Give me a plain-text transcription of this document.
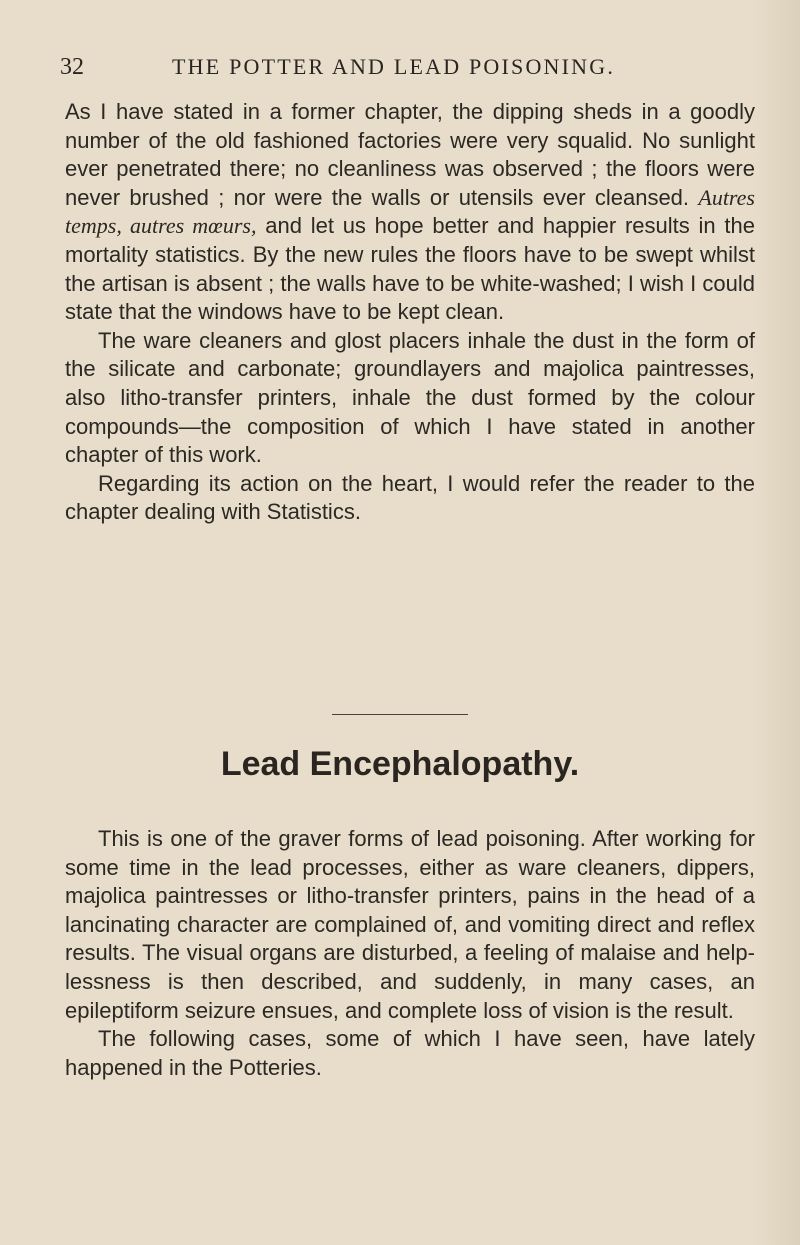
32	THE POTTER AND LEAD POISONING.

As I have stated in a former chapter, the dipping sheds in a goodly number of the old fashioned factories were very squalid. No sunlight ever penetrated there; no cleanliness was observed ; the floors were never brushed ; nor were the walls or utensils ever cleansed. Autres temps, autres mœurs, and let us hope better and happier results in the mortality statistics. By the new rules the floors have to be swept whilst the artisan is absent ; the walls have to be white-washed; I wish I could state that the windows have to be kept clean.

The ware cleaners and glost placers inhale the dust in the form of the silicate and carbonate; groundlayers and majolica paintresses, also litho-transfer printers, inhale the dust formed by the colour compounds—the composition of which I have stated in another chapter of this work.

Regarding its action on the heart, I would refer the reader to the chapter dealing with Statistics.

Lead Encephalopathy.

This is one of the graver forms of lead poisoning. After working for some time in the lead processes, either as ware cleaners, dippers, majolica paintresses or litho-transfer printers, pains in the head of a lancinating character are complained of, and vomiting direct and reflex results. The visual organs are disturbed, a feeling of malaise and help-lessness is then described, and suddenly, in many cases, an epileptiform seizure ensues, and complete loss of vision is the result.

The following cases, some of which I have seen, have lately happened in the Potteries.
